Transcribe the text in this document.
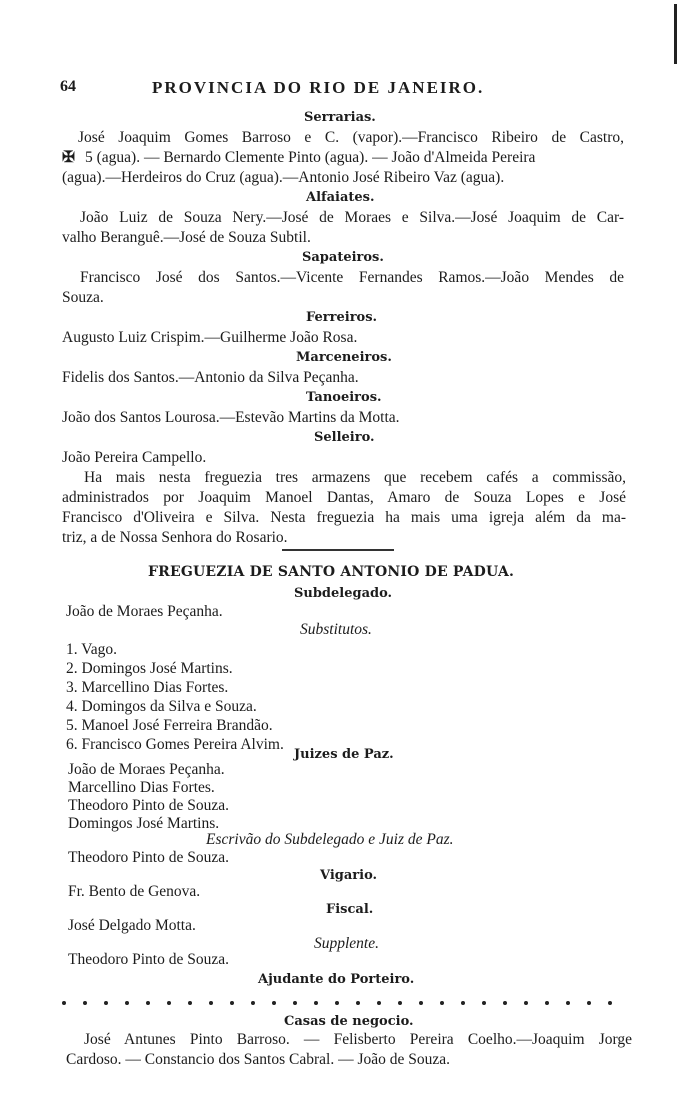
64	PROVINCIA DO RIO DE JANEIRO.
Serrarias.
José Joaquim Gomes Barroso e C. (vapor).—Francisco Ribeiro de Castro,
✠ 5 (agua). — Bernardo Clemente Pinto (agua). — João d'Almeida Pereira
(agua).—Herdeiros do Cruz (agua).—Antonio José Ribeiro Vaz (agua).
Alfaiates.
João Luiz de Souza Nery.—José de Moraes e Silva.—José Joaquim de Car-
valho Beranguê.—José de Souza Subtil.
Sapateiros.
Francisco José dos Santos.—Vicente Fernandes Ramos.—João Mendes de
Souza.
Ferreiros.
Augusto Luiz Crispim.—Guilherme João Rosa.
Marceneiros.
Fidelis dos Santos.—Antonio da Silva Peçanha.
Tanoeiros.
João dos Santos Lourosa.—Estevão Martins da Motta.
Selleiro.
João Pereira Campello.
Ha mais nesta freguezia tres armazens que recebem cafés a commissão,
administrados por Joaquim Manoel Dantas, Amaro de Souza Lopes e José
Francisco d'Oliveira e Silva. Nesta freguezia ha mais uma igreja além da ma-
triz, a de Nossa Senhora do Rosario.
FREGUEZIA DE SANTO ANTONIO DE PADUA.
Subdelegado.
João de Moraes Peçanha.
Substitutos.
1. Vago.
2. Domingos José Martins.
3. Marcellino Dias Fortes.
4. Domingos da Silva e Souza.
5. Manoel José Ferreira Brandão.
6. Francisco Gomes Pereira Alvim.
Juizes de Paz.
João de Moraes Peçanha.
Marcellino Dias Fortes.
Theodoro Pinto de Souza.
Domingos José Martins.
Escrivão do Subdelegado e Juiz de Paz.
Theodoro Pinto de Souza.
Vigario.
Fr. Bento de Genova.
Fiscal.
José Delgado Motta.
Supplente.
Theodoro Pinto de Souza.
Ajudante do Porteiro.
Casas de negocio.
José Antunes Pinto Barroso. — Felisberto Pereira Coelho.—Joaquim Jorge
Cardoso. — Constancio dos Santos Cabral. — João de Souza.
